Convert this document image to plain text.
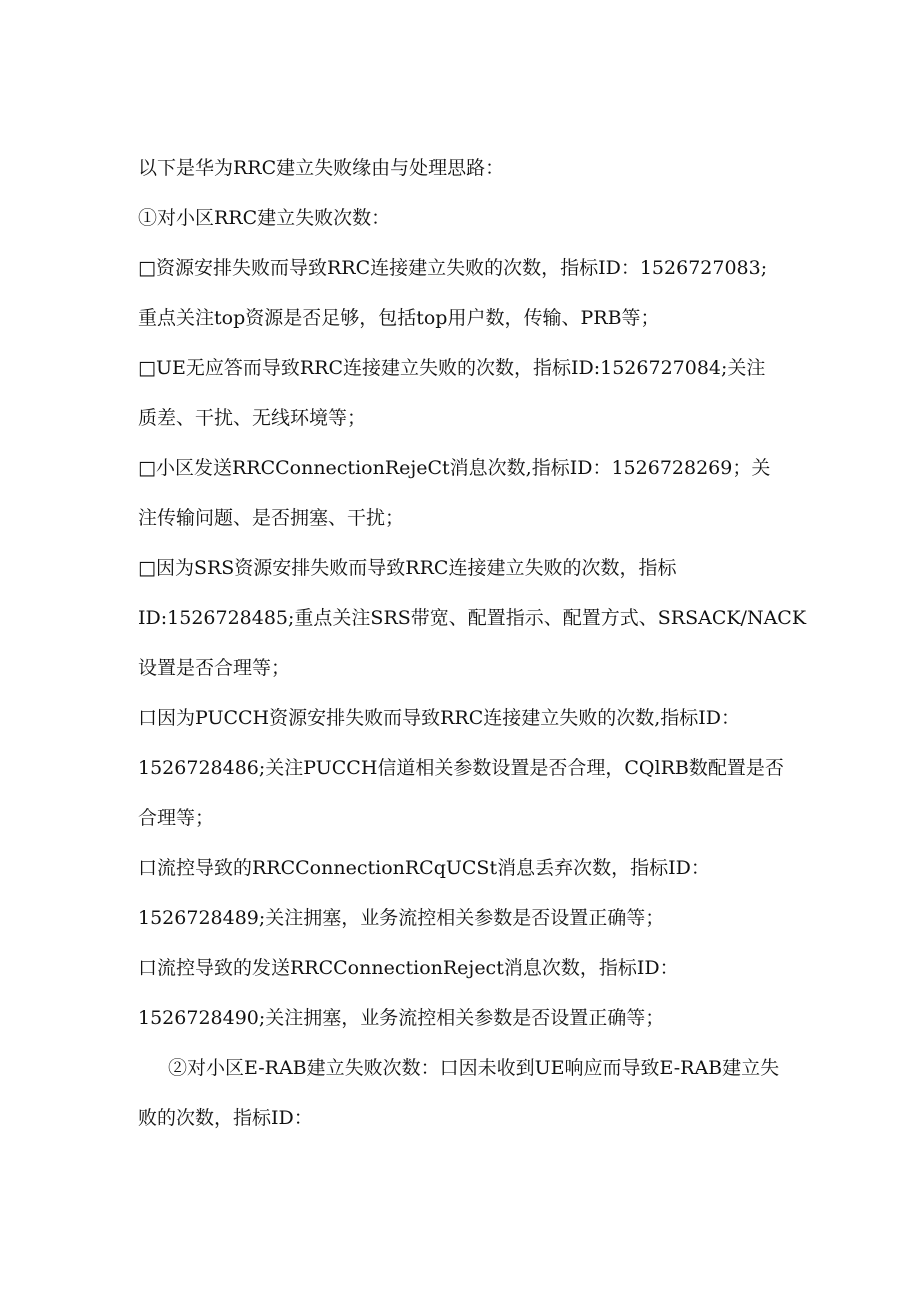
以下是华为RRC建立失败缘由与处理思路：
①对小区RRC建立失败次数：
□资源安排失败而导致RRC连接建立失败的次数，指标ID：1526727083;
重点关注top资源是否足够，包括top用户数，传输、PRB等；
□UE无应答而导致RRC连接建立失败的次数，指标ID:1526727084;关注
质差、干扰、无线环境等；
□小区发送RRCConnectionRejeCt消息次数,指标ID：1526728269；关
注传输问题、是否拥塞、干扰；
□因为SRS资源安排失败而导致RRC连接建立失败的次数，指标
ID:1526728485;重点关注SRS带宽、配置指示、配置方式、SRSACK/NACK
设置是否合理等；
口因为PUCCH资源安排失败而导致RRC连接建立失败的次数,指标ID：
1526728486;关注PUCCH信道相关参数设置是否合理，CQlRB数配置是否
合理等；
口流控导致的RRCConnectionRCqUCSt消息丢弃次数，指标ID：
1526728489;关注拥塞，业务流控相关参数是否设置正确等；
口流控导致的发送RRCConnectionReject消息次数，指标ID：
1526728490;关注拥塞，业务流控相关参数是否设置正确等；
②对小区E-RAB建立失败次数：口因未收到UE响应而导致E-RAB建立失
败的次数，指标ID：
